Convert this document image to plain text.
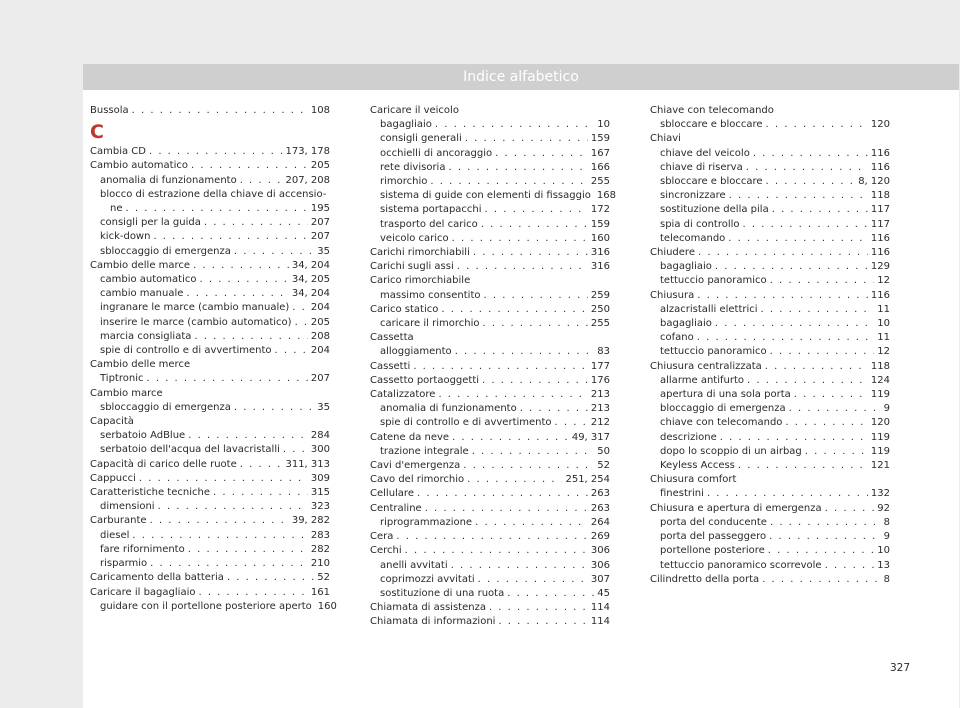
Indice alfabetico
Bussola . . .	108
C
Cambia CD . . .	173, 178
Cambio automatico . . .	205
anomalia di funzionamento . . .	207, 208
blocco di estrazione della chiave di accensio-
ne . . .	195
consigli per la guida . . .	207
kick-down . . .	207
sbloccaggio di emergenza . . .	35
Cambio delle marce . . .	34, 204
cambio automatico . . .	34, 205
cambio manuale . . .	34, 204
ingranare le marce (cambio manuale) . . . 204
inserire le marce (cambio automatico) . . . 205
marcia consigliata . . .	208
spie di controllo e di avvertimento . . .	204
Cambio delle merce
Tiptronic . . .	207
Cambio marce
sbloccaggio di emergenza . . .	35
Capacità
serbatoio AdBlue . . .	284
serbatoio dell'acqua del lavacristalli . . .	300
Capacità di carico delle ruote . . .	311, 313
Cappucci . . .	309
Caratteristiche tecniche . . .	315
dimensioni . . .	323
Carburante . . .	39, 282
diesel . . .	283
fare rifornimento . . .	282
risparmio . . .	210
Caricamento della batteria . . .	52
Caricare il bagagliaio . . .	161
guidare con il portellone posteriore aperto 160
Caricare il veicolo
bagagliaio . . .	10
consigli generali . . .	159
occhielli di ancoraggio . . .	167
rete divisoria . . .	166
rimorchio . . .	255
sistema di guide con elementi di fissaggio 168
sistema portapacchi . . .	172
trasporto del carico . . .	159
veicolo carico . . .	160
Carichi rimorchiabili . . .	316
Carichi sugli assi . . .	316
Carico rimorchiabile
massimo consentito . . .	259
Carico statico . . .	250
caricare il rimorchio . . .	255
Cassetta
alloggiamento . . .	83
Cassetti . . .	177
Cassetto portaoggetti . . .	176
Catalizzatore . . .	213
anomalia di funzionamento . . .	213
spie di controllo e di avvertimento . . .	212
Catene da neve . . .	49, 317
trazione integrale . . .	50
Cavi d'emergenza . . .	52
Cavo del rimorchio . . .	251, 254
Cellulare . . .	263
Centraline . . .	263
riprogrammazione . . .	264
Cera . . .	269
Cerchi . . .	306
anelli avvitati . . .	306
coprimozzi avvitati . . .	307
sostituzione di una ruota . . .	45
Chiamata di assistenza . . .	114
Chiamata di informazioni . . .	114
Chiave con telecomando
sbloccare e bloccare . . .	120
Chiavi
chiave del veicolo . . .	116
chiave di riserva . . .	116
sbloccare e bloccare . . .	8, 120
sincronizzare . . .	118
sostituzione della pila . . .	117
spia di controllo . . .	117
telecomando . . .	116
Chiudere . . .	116
bagagliaio . . .	129
tettuccio panoramico . . .	12
Chiusura . . .	116
alzacristalli elettrici . . .	11
bagagliaio . . .	10
cofano . . .	11
tettuccio panoramico . . .	12
Chiusura centralizzata . . .	118
allarme antifurto . . .	124
apertura di una sola porta . . .	119
bloccaggio di emergenza . . .	9
chiave con telecomando . . .	120
descrizione . . .	119
dopo lo scoppio di un airbag . . .	119
Keyless Access . . .	121
Chiusura comfort
finestrini . . .	132
Chiusura e apertura di emergenza . . .	92
porta del conducente . . .	8
porta del passeggero . . .	9
portellone posteriore . . .	10
tettuccio panoramico scorrevole . . .	13
Cilindretto della porta . . .	8
327
